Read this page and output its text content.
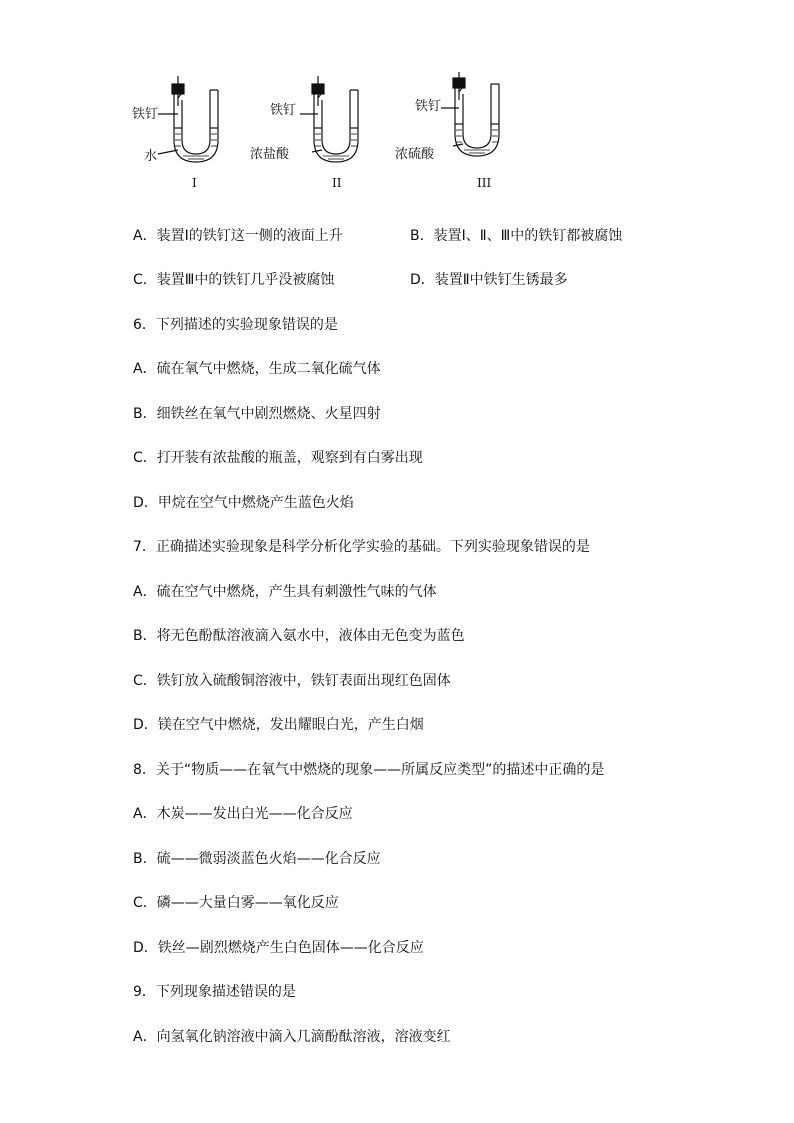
铁钉
水
I
铁钉
浓盐酸
II
铁钉
浓硫酸
III
A．装置Ⅰ的铁钉这一侧的液面上升	B．装置Ⅰ、Ⅱ、Ⅲ中的铁钉都被腐蚀
C．装置Ⅲ中的铁钉几乎没被腐蚀	D．装置Ⅱ中铁钉生锈最多
6．下列描述的实验现象错误的是
A．硫在氧气中燃烧，生成二氧化硫气体
B．细铁丝在氧气中剧烈燃烧、火星四射
C．打开装有浓盐酸的瓶盖，观察到有白雾出现
D．甲烷在空气中燃烧产生蓝色火焰
7．正确描述实验现象是科学分析化学实验的基础。下列实验现象错误的是
A．硫在空气中燃烧，产生具有刺激性气味的气体
B．将无色酚酞溶液滴入氨水中，液体由无色变为蓝色
C．铁钉放入硫酸铜溶液中，铁钉表面出现红色固体
D．镁在空气中燃烧，发出耀眼白光，产生白烟
8．关于“物质——在氧气中燃烧的现象——所属反应类型”的描述中正确的是
A．木炭——发出白光——化合反应
B．硫——微弱淡蓝色火焰——化合反应
C．磷——大量白雾——氧化反应
D．铁丝—剧烈燃烧产生白色固体——化合反应
9．下列现象描述错误的是
A．向氢氧化钠溶液中滴入几滴酚酞溶液，溶液变红
